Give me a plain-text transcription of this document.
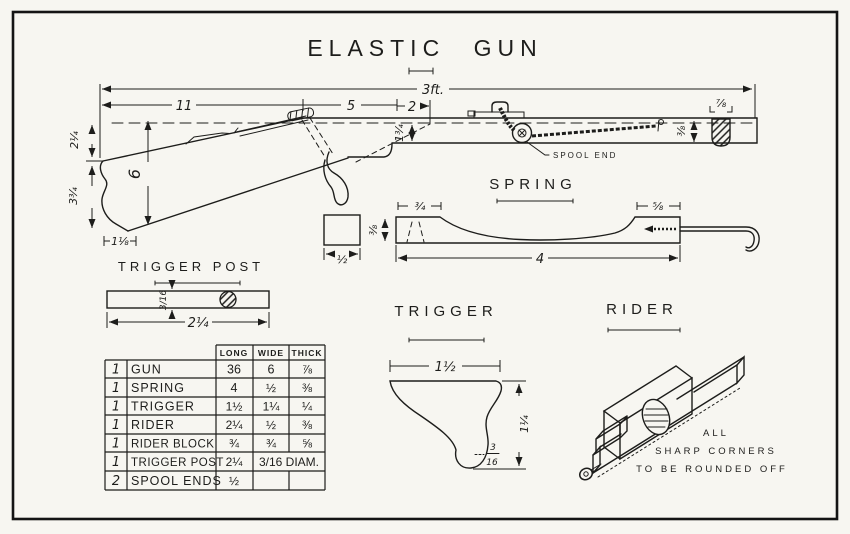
ELASTIC GUN
3ft.
11	5	2
1¾
2¼
3¾
6
1⅛
SPOOL END
⅞
⅜
SPRING
½
⅜
¾	⅝
4
TRIGGER POST
3/16
2¼
LONG WIDE THICK
1 GUN	36 6 ⅞
1 SPRING	4 ½ ⅜
1 TRIGGER	1½ 1¼ ¼
1 RIDER	2¼ ½ ⅜
1 RIDER BLOCK ¾ ¾ ⅝
1 TRIGGER POST 2¼ 3/16 DIAM.
2 SPOOL ENDS ½
TRIGGER
1½
1¼
3
16
RIDER
ALL
SHARP CORNERS
TO BE ROUNDED OFF
